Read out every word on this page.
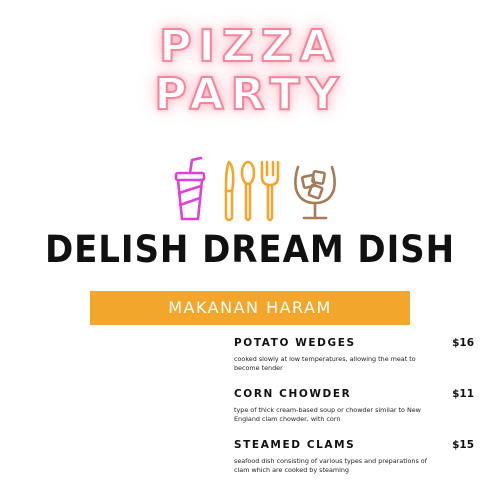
PIZZA
PARTY
DELISH DREAM DISH
MAKANAN HARAM
POTATO WEDGES	$16
cooked slowly at low temperatures, allowing the meat to become tender
CORN CHOWDER	$11
type of thick cream-based soup or chowder similar to New England clam chowder, with corn
STEAMED CLAMS	$15
seafood dish consisting of various types and preparations of clam which are cooked by steaming
